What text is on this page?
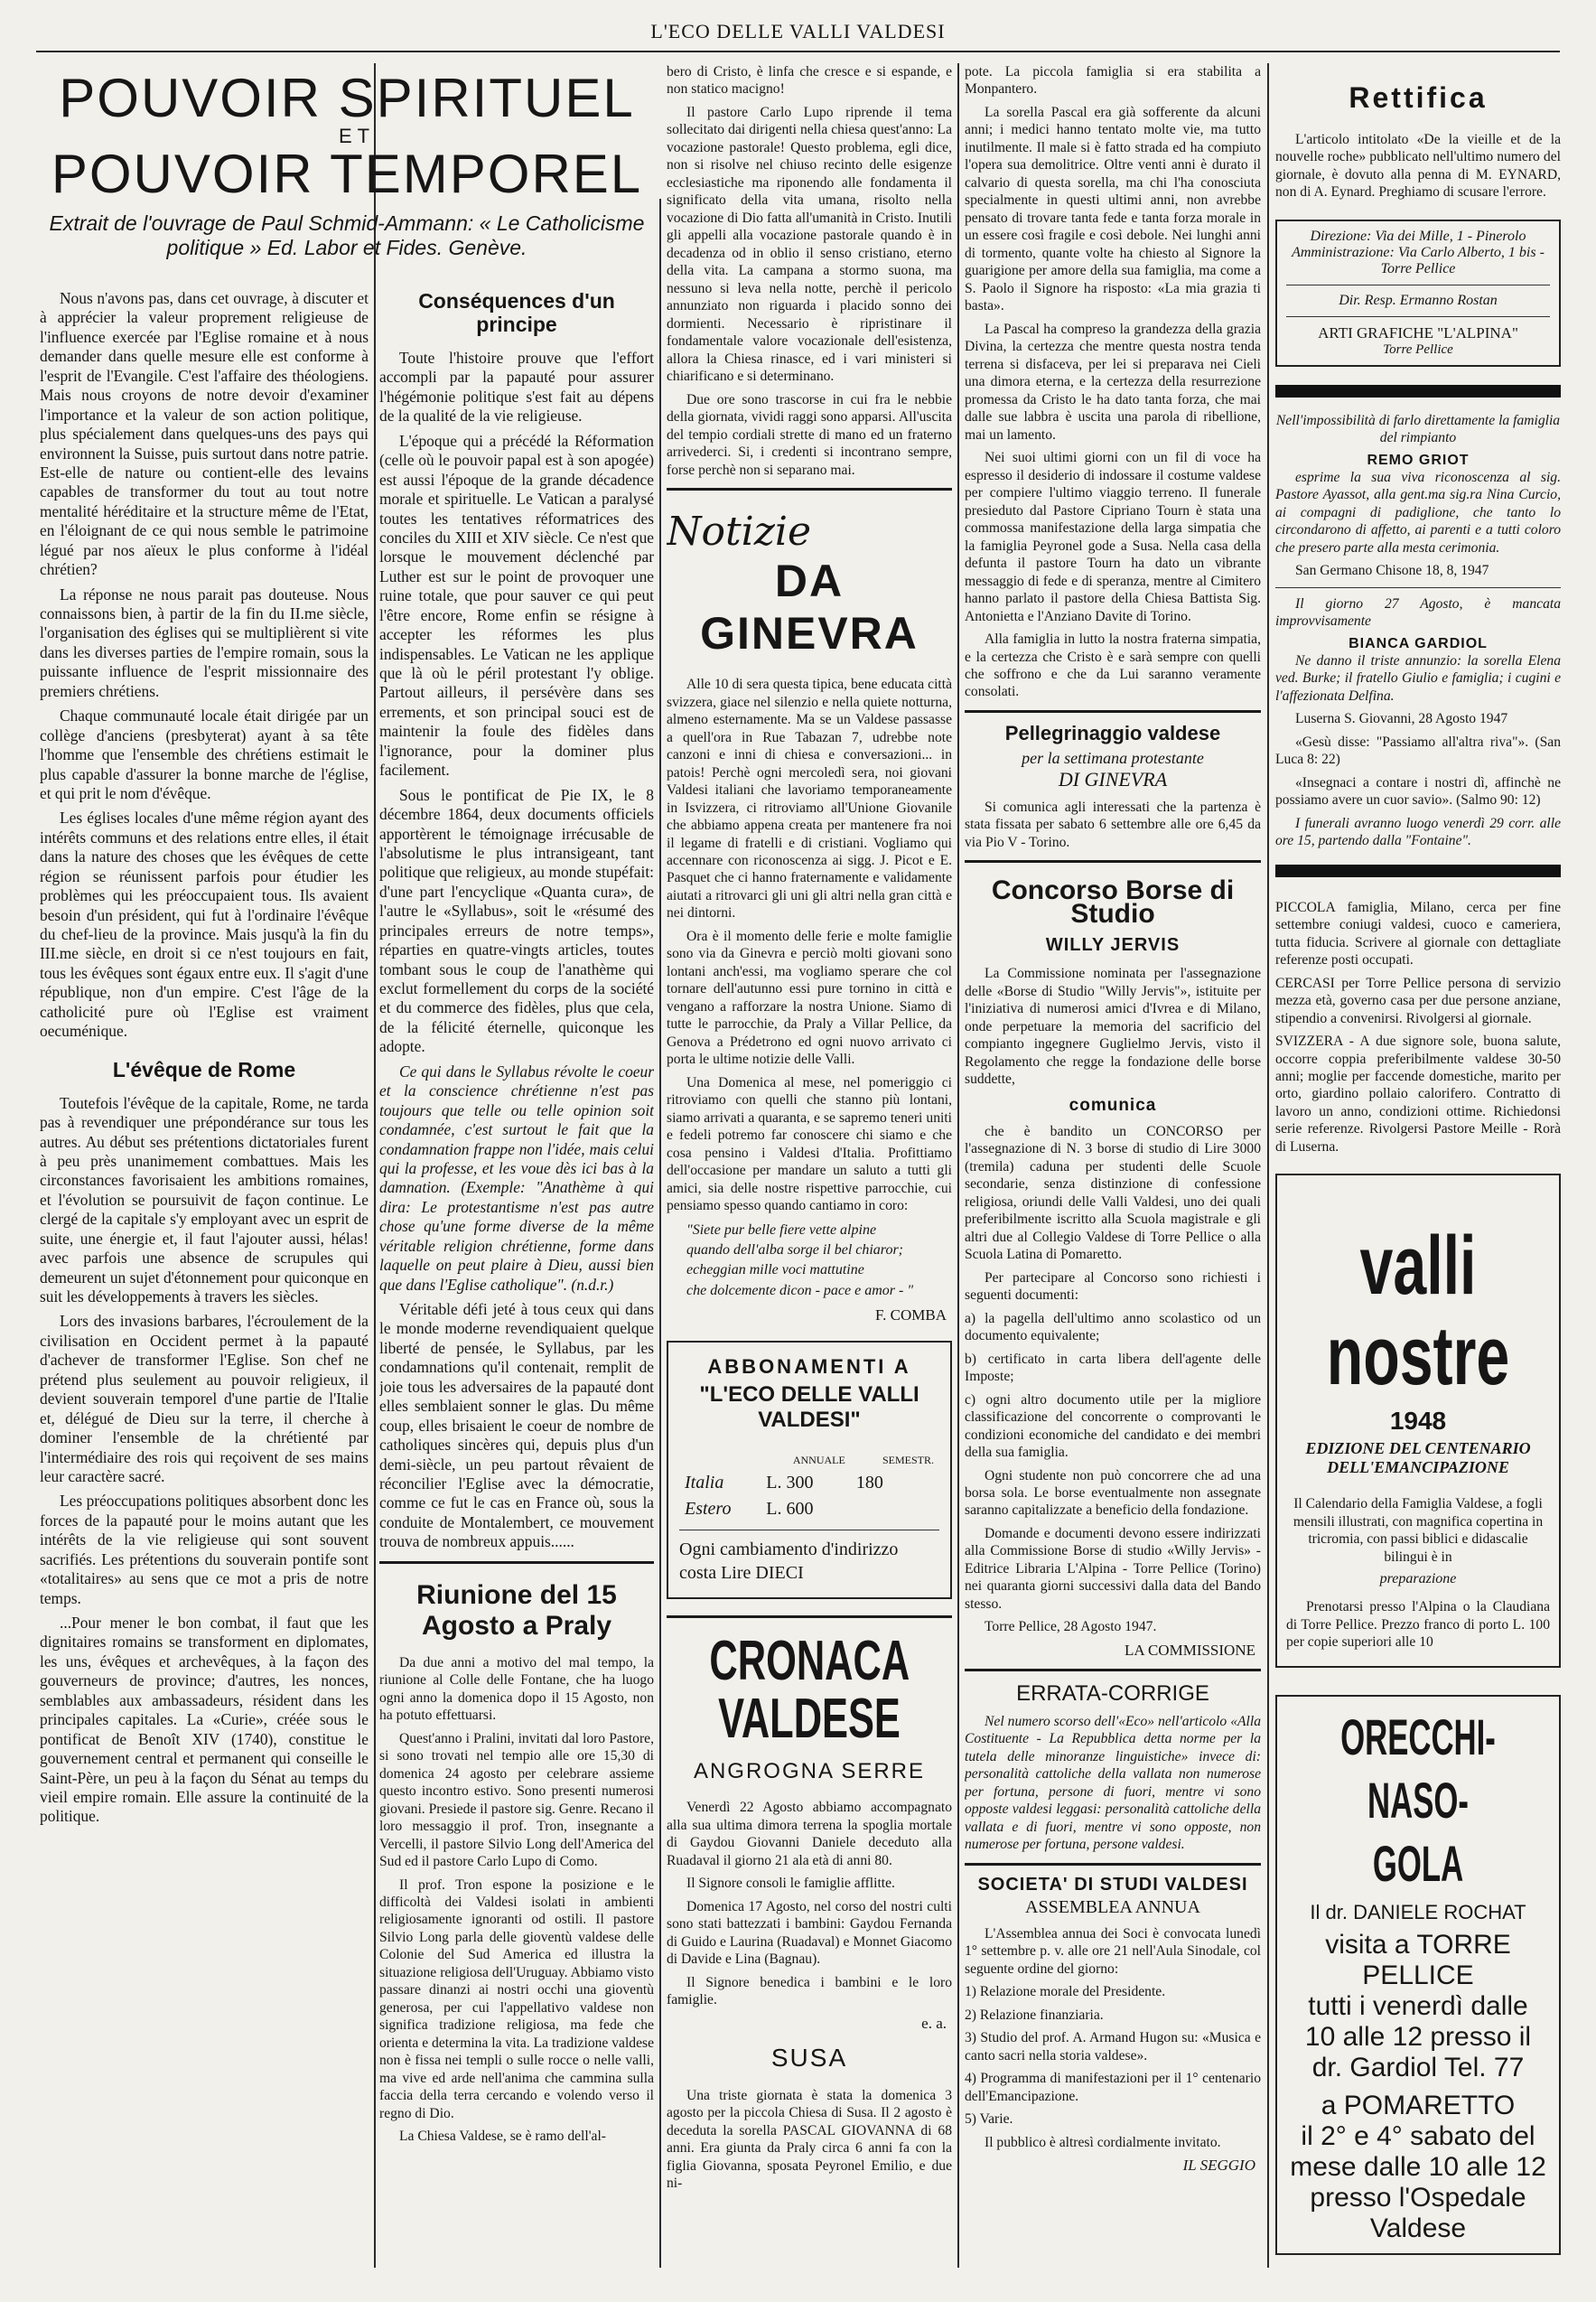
L'ECO DELLE VALLI VALDESI
POUVOIR SPIRITUEL

ET

POUVOIR TEMPOREL
Extrait de l'ouvrage de Paul Schmid-Ammann: « Le Catholicisme politique » Ed. Labor et Fides. Genève.

Nous n'avons pas, dans cet ouvrage, à discuter et à apprécier la valeur proprement religieuse de l'influence exercée par l'Eglise romaine et à nous demander dans quelle mesure elle est conforme à l'esprit de l'Evangile. C'est l'affaire des théologiens. Mais nous croyons de notre devoir d'examiner l'importance et la valeur de son action politique, plus spécialement dans quelques-uns des pays qui environnent la Suisse, puis surtout dans notre patrie. Est-elle de nature ou contient-elle des levains capables de transformer du tout au tout notre mentalité héréditaire et la structure même de l'Etat, en l'éloignant de ce qui nous semble le patrimoine légué par nos aïeux le plus conforme à l'idéal chrétien?

La réponse ne nous parait pas douteuse. Nous connaissons bien, à partir de la fin du II.me siècle, l'organisation des églises qui se multiplièrent si vite dans les diverses parties de l'empire romain, sous la puissante influence de l'esprit missionnaire des premiers chrétiens.

Chaque communauté locale était dirigée par un collège d'anciens (presbyterat) ayant à sa tête l'homme que l'ensemble des chrétiens estimait le plus capable d'assurer la bonne marche de l'église, et qui prit le nom d'évêque.

Les églises locales d'une même région ayant des intérêts communs et des relations entre elles, il était dans la nature des choses que les évêques de cette région se réunissent parfois pour étudier les problèmes qui les préoccupaient tous. Ils avaient besoin d'un président, qui fut à l'ordinaire l'évêque du chef-lieu de la province. Mais jusqu'à la fin du III.me siècle, en droit si ce n'est toujours en fait, tous les évêques sont égaux entre eux. Il s'agit d'une république, non d'un empire. C'est l'âge de la catholicité pure où l'Eglise est vraiment oecuménique.

L'évêque de Rome

Toutefois l'évêque de la capitale, Rome, ne tarda pas à revendiquer une prépondérance sur tous les autres. Au début ses prétentions dictatoriales furent à peu près unanimement combattues. Mais les circonstances favorisaient les ambitions romaines, et l'évolution se poursuivit de façon continue. Le clergé de la capitale s'y employant avec un esprit de suite, une énergie et, il faut l'ajouter aussi, hélas! avec parfois une absence de scrupules qui demeurent un sujet d'étonnement pour quiconque en suit les développements à travers les siècles.

Lors des invasions barbares, l'écroulement de la civilisation en Occident permet à la papauté d'achever de transformer l'Eglise. Son chef ne prétend plus seulement au pouvoir religieux, il devient souverain temporel d'une partie de l'Italie et, délégué de Dieu sur la terre, il cherche à dominer l'ensemble de la chrétienté par l'intermédiaire des rois qui reçoivent de ses mains leur caractère sacré.

Les préoccupations politiques absorbent donc les forces de la papauté pour le moins autant que les intérêts de la vie religieuse qui sont souvent sacrifiés. Les prétentions du souverain pontife sont «totalitaires» au sens que ce mot a pris de notre temps.

...Pour mener le bon combat, il faut que les dignitaires romains se transforment en diplomates, les uns, évêques et archevêques, à la façon des gouverneurs de province; d'autres, les nonces, semblables aux ambassadeurs, résident dans les principales capitales. La «Curie», créée sous le pontificat de Benoît XIV (1740), constitue le gouvernement central et permanent qui conseille le Saint-Père, un peu à la façon du Sénat au temps du vieil empire romain. Elle assure la continuité de la politique.

Conséquences d'un principe

Toute l'histoire prouve que l'effort accompli par la papauté pour assurer l'hégémonie politique s'est fait au dépens de la qualité de la vie religieuse.

L'époque qui a précédé la Réformation (celle où le pouvoir papal est à son apogée) est aussi l'époque de la grande décadence morale et spirituelle. Le Vatican a paralysé toutes les tentatives réformatrices des conciles du XIII et XIV siècle. Ce n'est que lorsque le mouvement déclenché par Luther est sur le point de provoquer une ruine totale, que pour sauver ce qui peut l'être encore, Rome enfin se résigne à accepter les réformes les plus indispensables. Le Vatican ne les applique que là où le péril protestant l'y oblige. Partout ailleurs, il persévère dans ses errements, et son principal souci est de maintenir la foule des fidèles dans l'ignorance, pour la dominer plus facilement.

Sous le pontificat de Pie IX, le 8 décembre 1864, deux documents officiels apportèrent le témoignage irrécusable de l'absolutisme le plus intransigeant, tant politique que religieux, au monde stupéfait: d'une part l'encyclique «Quanta cura», de l'autre le «Syllabus», soit le «résumé des principales erreurs de notre temps», réparties en quatre-vingts articles, toutes tombant sous le coup de l'anathème qui exclut formellement du corps de la société et du commerce des fidèles, plus que cela, de la félicité éternelle, quiconque les adopte.

Ce qui dans le Syllabus révolte le coeur et la conscience chrétienne n'est pas toujours que telle ou telle opinion soit condamnée, c'est surtout le fait que la condamnation frappe non l'idée, mais celui qui la professe, et les voue dès ici bas à la damnation. (Exemple: "Anathème à qui dira: Le protestantisme n'est pas autre chose qu'une forme diverse de la même véritable religion chrétienne, forme dans laquelle on peut plaire à Dieu, aussi bien que dans l'Eglise catholique". (n.d.r.)

Véritable défi jeté à tous ceux qui dans le monde moderne revendiquaient quelque liberté de pensée, le Syllabus, par les condamnations qu'il contenait, remplit de joie tous les adversaires de la papauté dont elles semblaient sonner le glas. Du même coup, elles brisaient le coeur de nombre de catholiques sincères qui, depuis plus d'un demi-siècle, un peu partout rêvaient de réconcilier l'Eglise avec la démocratie, comme ce fut le cas en France où, sous la conduite de Montalembert, ce mouvement trouva de nombreux appuis......

Riunione del 15 Agosto a Praly

Da due anni a motivo del mal tempo, la riunione al Colle delle Fontane, che ha luogo ogni anno la domenica dopo il 15 Agosto, non ha potuto effettuarsi.

Quest'anno i Pralini, invitati dal loro Pastore, si sono trovati nel tempio alle ore 15,30 di domenica 24 agosto per celebrare assieme questo incontro estivo. Sono presenti numerosi giovani. Presiede il pastore sig. Genre. Recano il loro messaggio il prof. Tron, insegnante a Vercelli, il pastore Silvio Long dell'America del Sud ed il pastore Carlo Lupo di Como.

Il prof. Tron espone la posizione e le difficoltà dei Valdesi isolati in ambienti religiosamente ignoranti od ostili. Il pastore Silvio Long parla delle gioventù valdese delle Colonie del Sud America ed illustra la situazione religiosa dell'Uruguay. Abbiamo visto passare dinanzi ai nostri occhi una gioventù generosa, per cui l'appellativo valdese non significa tradizione religiosa, ma fede che orienta e determina la vita. La tradizione valdese non è fissa nei templi o sulle rocce o nelle valli, ma vive ed arde nell'anima che cammina sulla faccia della terra cercando e volendo verso il regno di Dio.

La Chiesa Valdese, se è ramo dell'al-

bero di Cristo, è linfa che cresce e si espande, e non statico macigno!

Il pastore Carlo Lupo riprende il tema sollecitato dai dirigenti nella chiesa quest'anno: La vocazione pastorale! Questo problema, egli dice, non si risolve nel chiuso recinto delle esigenze ecclesiastiche ma riponendo alle fondamenta il significato della vita umana, risolto nella vocazione di Dio fatta all'umanità in Cristo. Inutili gli appelli alla vocazione pastorale quando è in decadenza od in oblio il senso cristiano, eterno della vita. La campana a stormo suona, ma nessuno si leva nella notte, perchè il pericolo annunziato non riguarda i placido sonno dei dormienti. Necessario è ripristinare il fondamentale valore vocazionale dell'esistenza, allora la Chiesa rinasce, ed i vari ministeri si chiarificano e si determinano.

Due ore sono trascorse in cui fra le nebbie della giornata, vividi raggi sono apparsi. All'uscita del tempio cordiali strette di mano ed un fraterno arrivederci. Si, i credenti si incontrano sempre, forse perchè non si separano mai.

Notizie
DA GINEVRA

Alle 10 di sera questa tipica, bene educata città svizzera, giace nel silenzio e nella quiete notturna, almeno esternamente. Ma se un Valdese passasse a quell'ora in Rue Tabazan 7, udrebbe note canzoni e inni di chiesa e conversazioni... in patois! Perchè ogni mercoledì sera, noi giovani Valdesi italiani che lavoriamo temporaneamente in Isvizzera, ci ritroviamo all'Unione Giovanile che abbiamo appena creata per mantenere fra noi il legame di fratelli e di cristiani. Vogliamo qui accennare con riconoscenza ai sigg. J. Picot e E. Pasquet che ci hanno fraternamente e validamente aiutati a ritrovarci gli uni gli altri nella gran città e nei dintorni.

Ora è il momento delle ferie e molte famiglie sono via da Ginevra e perciò molti giovani sono lontani anch'essi, ma vogliamo sperare che col tornare dell'autunno essi pure tornino in città e vengano a rafforzare la nostra Unione. Siamo di tutte le parrocchie, da Praly a Villar Pellice, da Genova a Prédetrono ed ogni nuovo arrivato ci porta le ultime notizie delle Valli.

Una Domenica al mese, nel pomeriggio ci ritroviamo con quelli che stanno più lontani, siamo arrivati a quaranta, e se sapremo teneri uniti e fedeli potremo far conoscere chi siamo e che cosa pensino i Valdesi d'Italia. Profittiamo dell'occasione per mandare un saluto a tutti gli amici, sia delle nostre rispettive parrocchie, cui pensiamo spesso quando cantiamo in coro:

"Siete pur belle fiere vette alpine
quando dell'alba sorge il bel chiaror;
echeggian mille voci mattutine
che dolcemente dicon - pace e amor - "
F. COMBA
ABBONAMENTI A
"L'ECO DELLE VALLI VALDESI"
	ANNUALE	SEMESTR.
Italia	L. 300	180
Estero	L. 600	
Ogni cambiamento d'indirizzo costa Lire DIECI
CRONACA VALDESE
ANGROGNA SERRE

Venerdì 22 Agosto abbiamo accompagnato alla sua ultima dimora terrena la spoglia mortale di Gaydou Giovanni Daniele deceduto alla Ruadaval il giorno 21 ala età di anni 80.

Il Signore consoli le famiglie afflitte.

Domenica 17 Agosto, nel corso del nostri culti sono stati battezzati i bambini: Gaydou Fernanda di Guido e Laurina (Ruadaval) e Monnet Giacomo di Davide e Lina (Bagnau).

Il Signore benedica i bambini e le loro famiglie.

e. a.
SUSA

Una triste giornata è stata la domenica 3 agosto per la piccola Chiesa di Susa. Il 2 agosto è deceduta la sorella PASCAL GIOVANNA di 68 anni. Era giunta da Praly circa 6 anni fa con la figlia Giovanna, sposata Peyronel Emilio, e due ni-

pote. La piccola famiglia si era stabilita a Monpantero.

La sorella Pascal era già sofferente da alcuni anni; i medici hanno tentato molte vie, ma tutto inutilmente. Il male si è fatto strada ed ha compiuto l'opera sua demolitrice. Oltre venti anni è durato il calvario di questa sorella, ma chi l'ha conosciuta specialmente in questi ultimi anni, non avrebbe pensato di trovare tanta fede e tanta forza morale in un essere così fragile e così debole. Nei lunghi anni di tormento, quante volte ha chiesto al Signore la guarigione per amore della sua famiglia, ma come a S. Paolo il Signore ha risposto: «La mia grazia ti basta».

La Pascal ha compreso la grandezza della grazia Divina, la certezza che mentre questa nostra tenda terrena si disfaceva, per lei si preparava nei Cieli una dimora eterna, e la certezza della resurrezione promessa da Cristo le ha dato tanta forza, che mai dalle sue labbra è uscita una parola di ribellione, mai un lamento.

Nei suoi ultimi giorni con un fil di voce ha espresso il desiderio di indossare il costume valdese per compiere l'ultimo viaggio terreno. Il funerale presieduto dal Pastore Cipriano Tourn è stata una commossa manifestazione della larga simpatia che la famiglia Peyronel gode a Susa. Nella casa della defunta il pastore Tourn ha dato un vibrante messaggio di fede e di speranza, mentre al Cimitero hanno parlato il pastore della Chiesa Battista Sig. Antonietta e l'Anziano Davite di Torino.

Alla famiglia in lutto la nostra fraterna simpatia, e la certezza che Cristo è e sarà sempre con quelli che soffrono e che da Lui saranno veramente consolati.

Pellegrinaggio valdese
per la settimana protestante
DI GINEVRA

Si comunica agli interessati che la partenza è stata fissata per sabato 6 settembre alle ore 6,45 da via Pio V - Torino.

Concorso Borse di Studio
WILLY JERVIS

La Commissione nominata per l'assegnazione delle «Borse di Studio "Willy Jervis"», istituite per l'iniziativa di numerosi amici d'Ivrea e di Milano, onde perpetuare la memoria del sacrificio del compianto ingegnere Guglielmo Jervis, visto il Regolamento che regge la fondazione delle borse suddette,

comunica

che è bandito un CONCORSO per l'assegnazione di N. 3 borse di studio di Lire 3000 (tremila) caduna per studenti delle Scuole secondarie, senza distinzione di confessione religiosa, oriundi delle Valli Valdesi, uno dei quali preferibilmente iscritto alla Scuola magistrale e gli altri due al Collegio Valdese di Torre Pellice o alla Scuola Latina di Pomaretto.

Per partecipare al Concorso sono richiesti i seguenti documenti:

a) la pagella dell'ultimo anno scolastico od un documento equivalente;

b) certificato in carta libera dell'agente delle Imposte;

c) ogni altro documento utile per la migliore classificazione del concorrente o comprovanti le condizioni economiche del candidato e dei membri della sua famiglia.

Ogni studente non può concorrere che ad una borsa sola. Le borse eventualmente non assegnate saranno capitalizzate a beneficio della fondazione.

Domande e documenti devono essere indirizzati alla Commissione Borse di studio «Willy Jervis» - Editrice Libraria L'Alpina - Torre Pellice (Torino) nei quaranta giorni successivi dalla data del Bando stesso.

Torre Pellice, 28 Agosto 1947.

LA COMMISSIONE
ERRATA-CORRIGE

Nel numero scorso dell'«Eco» nell'articolo «Alla Costituente - La Repubblica detta norme per la tutela delle minoranze linguistiche» invece di: personalità cattoliche della vallata non numerose per fortuna, persone di fuori, mentre vi sono opposte valdesi leggasi: personalità cattoliche della vallata e di fuori, mentre vi sono opposte, non numerose per fortuna, persone valdesi.

SOCIETA' DI STUDI VALDESI
ASSEMBLEA ANNUA

L'Assemblea annua dei Soci è convocata lunedì 1° settembre p. v. alle ore 21 nell'Aula Sinodale, col seguente ordine del giorno:

1) Relazione morale del Presidente.

2) Relazione finanziaria.

3) Studio del prof. A. Armand Hugon su: «Musica e canto sacri nella storia valdese».

4) Programma di manifestazioni per il 1° centenario dell'Emancipazione.

5) Varie.

Il pubblico è altresì cordialmente invitato.

IL SEGGIO
Rettifica

L'articolo intitolato «De la vieille et de la nouvelle roche» pubblicato nell'ultimo numero del giornale, è dovuto alla penna di M. EYNARD, non di A. Eynard. Preghiamo di scusare l'errore.

Direzione: Via dei Mille, 1 - Pinerolo
Amministrazione: Via Carlo Alberto, 1 bis - Torre Pellice
Dir. Resp. Ermanno Rostan
ARTI GRAFICHE "L'ALPINA"
Torre Pellice

Nell'impossibilità di farlo direttamente la famiglia del rimpianto

REMO GRIOT

esprime la sua viva riconoscenza al sig. Pastore Ayassot, alla gent.ma sig.ra Nina Curcio, ai compagni di padiglione, che tanto lo circondarono di affetto, ai parenti e a tutti coloro che presero parte alla mesta cerimonia.

San Germano Chisone 18, 8, 1947

Il giorno 27 Agosto, è mancata improvvisamente

BIANCA GARDIOL

Ne danno il triste annunzio: la sorella Elena ved. Burke; il fratello Giulio e famiglia; i cugini e l'affezionata Delfina.

Luserna S. Giovanni, 28 Agosto 1947

«Gesù disse: "Passiamo all'altra riva"». (San Luca 8: 22)

«Insegnaci a contare i nostri dì, affinchè ne possiamo avere un cuor savio». (Salmo 90: 12)

I funerali avranno luogo venerdì 29 corr. alle ore 15, partendo dalla "Fontaine".

PICCOLA famiglia, Milano, cerca per fine settembre coniugi valdesi, cuoco e cameriera, tutta fiducia. Scrivere al giornale con dettagliate referenze posti occupati.

CERCASI per Torre Pellice persona di servizio mezza età, governo casa per due persone anziane, stipendio a convenirsi. Rivolgersi al giornale.

SVIZZERA - A due signore sole, buona salute, occorre coppia preferibilmente valdese 30-50 anni; moglie per faccende domestiche, marito per orto, giardino pollaio calorifero. Contratto di lavoro un anno, condizioni ottime. Richiedonsi serie referenze. Rivolgersi Pastore Meille - Rorà di Luserna.

valli nostre
1948
EDIZIONE DEL CENTENARIO DELL'EMANCIPAZIONE

Il Calendario della Famiglia Valdese, a fogli mensili illustrati, con magnifica copertina in tricromia, con passi biblici e didascalie bilingui è in

preparazione

Prenotarsi presso l'Alpina o la Claudiana di Torre Pellice. Prezzo franco di porto L. 100 per copie superiori alle 10

ORECCHI-NASO-GOLA
Il dr. DANIELE ROCHAT
visita a TORRE PELLICE
tutti i venerdì dalle
10 alle 12 presso il
dr. Gardiol Tel. 77
a POMARETTO
il 2° e 4° sabato del
mese dalle 10 alle 12
presso l'Ospedale
Valdese
